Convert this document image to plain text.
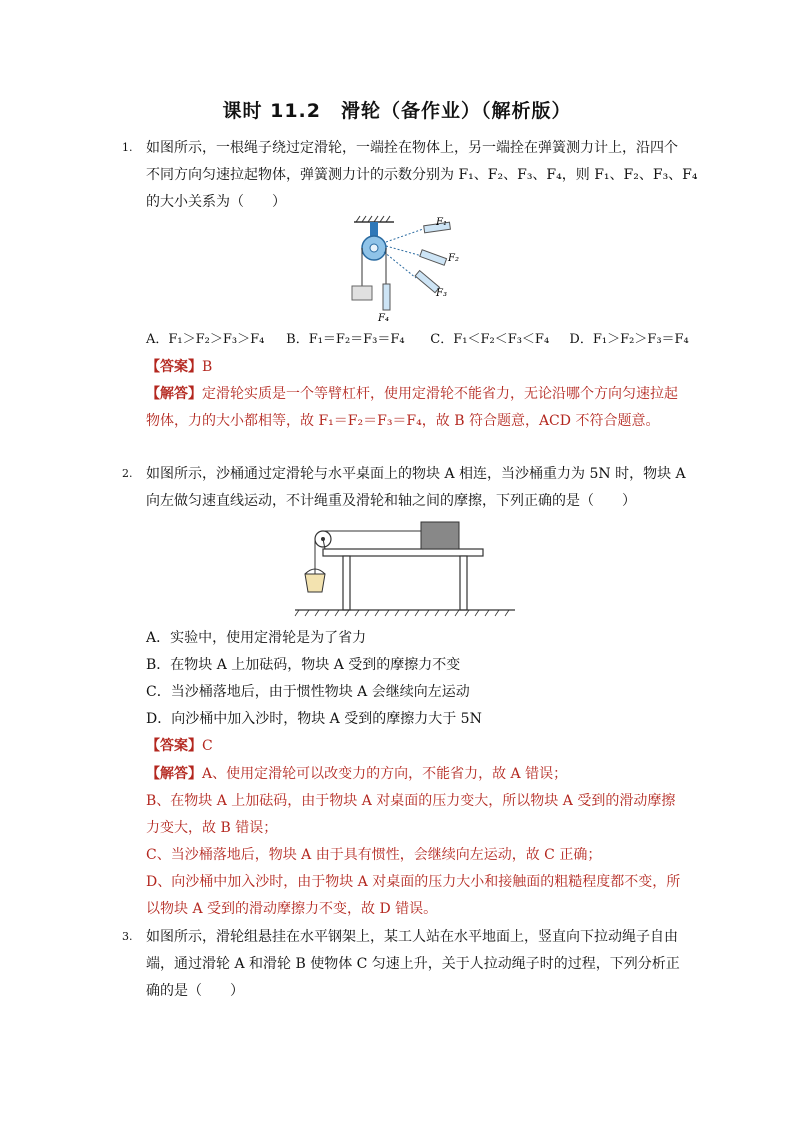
课时 11.2　滑轮（备作业）（解析版）
1. 如图所示，一根绳子绕过定滑轮，一端拴在物体上，另一端拴在弹簧测力计上，沿四个
不同方向匀速拉起物体，弹簧测力计的示数分别为 F₁、F₂、F₃、F₄，则 F₁、F₂、F₃、F₄
的大小关系为（　　）
F₁
F₂
F₃
F₄
A．F₁＞F₂＞F₃＞F₄ B．F₁＝F₂＝F₃＝F₄ C．F₁＜F₂＜F₃＜F₄ D．F₁＞F₂＞F₃＝F₄
【答案】B
【解答】定滑轮实质是一个等臂杠杆，使用定滑轮不能省力，无论沿哪个方向匀速拉起
物体，力的大小都相等，故 F₁＝F₂＝F₃＝F₄，故 B 符合题意，ACD 不符合题意。
2. 如图所示，沙桶通过定滑轮与水平桌面上的物块 A 相连，当沙桶重力为 5N 时，物块 A
向左做匀速直线运动，不计绳重及滑轮和轴之间的摩擦，下列正确的是（　　）
A．实验中，使用定滑轮是为了省力
B．在物块 A 上加砝码，物块 A 受到的摩擦力不变
C．当沙桶落地后，由于惯性物块 A 会继续向左运动
D．向沙桶中加入沙时，物块 A 受到的摩擦力大于 5N
【答案】C
【解答】A、使用定滑轮可以改变力的方向，不能省力，故 A 错误；
B、在物块 A 上加砝码，由于物块 A 对桌面的压力变大，所以物块 A 受到的滑动摩擦
力变大，故 B 错误；
C、当沙桶落地后，物块 A 由于具有惯性，会继续向左运动，故 C 正确；
D、向沙桶中加入沙时，由于物块 A 对桌面的压力大小和接触面的粗糙程度都不变，所
以物块 A 受到的滑动摩擦力不变，故 D 错误。
3. 如图所示，滑轮组悬挂在水平钢架上，某工人站在水平地面上，竖直向下拉动绳子自由
端，通过滑轮 A 和滑轮 B 使物体 C 匀速上升，关于人拉动绳子时的过程，下列分析正
确的是（　　）
